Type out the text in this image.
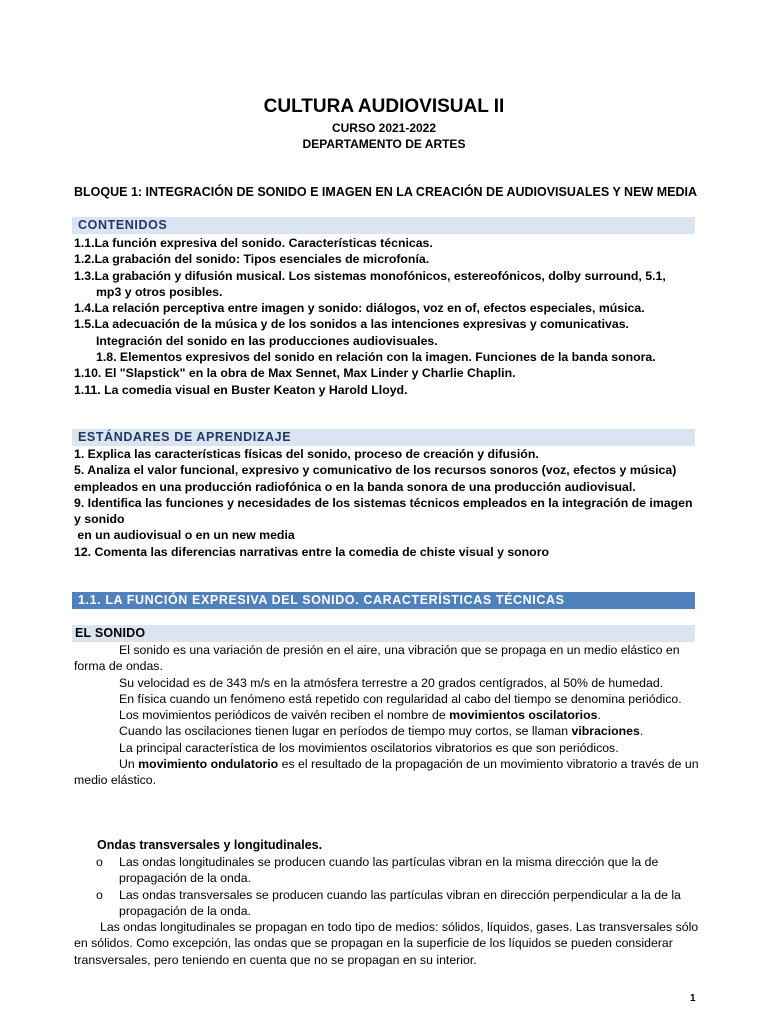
CULTURA AUDIOVISUAL II
CURSO 2021-2022
DEPARTAMENTO DE ARTES
BLOQUE 1: INTEGRACIÓN DE SONIDO E IMAGEN EN LA CREACIÓN DE AUDIOVISUALES Y NEW MEDIA
CONTENIDOS
1.1.La función expresiva del sonido. Características técnicas.
1.2.La grabación del sonido: Tipos esenciales de microfonía.
1.3.La grabación y difusión musical. Los sistemas monofónicos, estereofónicos, dolby surround, 5.1,
mp3 y otros posibles.
1.4.La relación perceptiva entre imagen y sonido: diálogos, voz en of, efectos especiales, música.
1.5.La adecuación de la música y de los sonidos a las intenciones expresivas y comunicativas.
Integración del sonido en las producciones audiovisuales.
1.8. Elementos expresivos del sonido en relación con la imagen. Funciones de la banda sonora.
1.10. El "Slapstick" en la obra de Max Sennet, Max Linder y Charlie Chaplin.
1.11. La comedia visual en Buster Keaton y Harold Lloyd.
ESTÁNDARES DE APRENDIZAJE
1. Explica las características físicas del sonido, proceso de creación y difusión.
5. Analiza el valor funcional, expresivo y comunicativo de los recursos sonoros (voz, efectos y música)
empleados en una producción radiofónica o en la banda sonora de una producción audiovisual.
9. Identifica las funciones y necesidades de los sistemas técnicos empleados en la integración de imagen
y sonido
en un audiovisual o en un new media
12. Comenta las diferencias narrativas entre la comedia de chiste visual y sonoro
1.1. LA FUNCIÓN EXPRESIVA DEL SONIDO. CARACTERÍSTICAS TÉCNICAS
EL SONIDO

El sonido es una variación de presión en el aire, una vibración que se propaga en un medio elástico en forma de ondas.

Su velocidad es de 343 m/s en la atmósfera terrestre a 20 grados centígrados, al 50% de humedad.

En física cuando un fenómeno está repetido con regularidad al cabo del tiempo se denomina periódico.

Los movimientos periódicos de vaivén reciben el nombre de movimientos oscilatorios.

Cuando las oscilaciones tienen lugar en períodos de tiempo muy cortos, se llaman vibraciones.

La principal característica de los movimientos oscilatorios vibratorios es que son periódicos.

Un movimiento ondulatorio es el resultado de la propagación de un movimiento vibratorio a través de un medio elástico.

Ondas transversales y longitudinales.
o Las ondas longitudinales se producen cuando las partículas vibran en la misma dirección que la de propagación de la onda.
o Las ondas transversales se producen cuando las partículas vibran en dirección perpendicular a la de la propagación de la onda.

Las ondas longitudinales se propagan en todo tipo de medios: sólidos, líquidos, gases. Las transversales sólo en sólidos. Como excepción, las ondas que se propagan en la superficie de los líquidos se pueden considerar transversales, pero teniendo en cuenta que no se propagan en su interior.

1
